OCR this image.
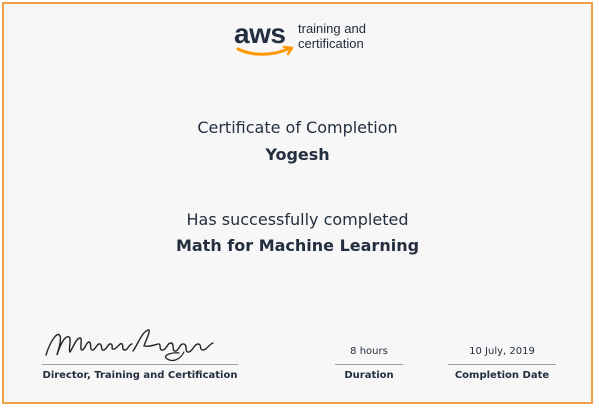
aws training and
certification
Certificate of Completion
Yogesh
Has successfully completed
Math for Machine Learning
8 hours	10 July, 2019
Director, Training and Certification	Duration	Completion Date
